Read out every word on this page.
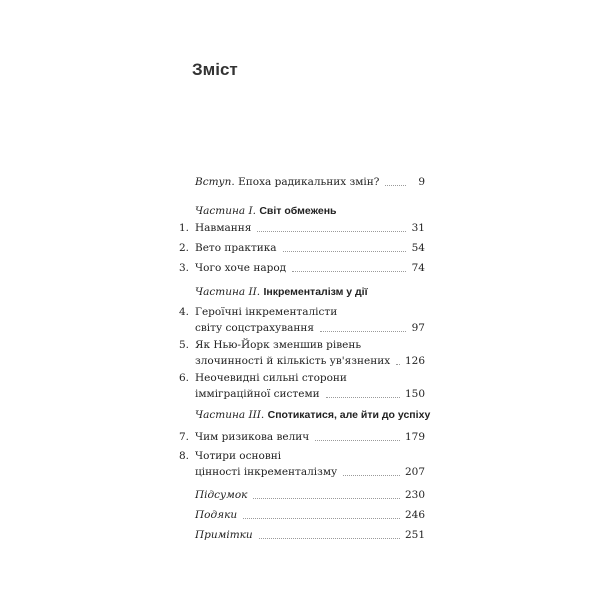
Зміст
Вступ. Епоха радикальних змін?	9
Частина I. Світ обмежень
1. Навмання	31
2. Вето практика	54
3. Чого хоче народ	74
Частина II. Інкременталізм у дії
4. Героїчні інкременталісти
світу соцстрахування	97
5. Як Нью-Йорк зменшив рівень
злочинності й кількість ув'язнених 126
6. Неочевидні сильні сторони
імміграційної системи	150
Частина III. Спотикатися, але йти до успіху
7. Чим ризикова велич	179
8. Чотири основні
цінності інкременталізму	207
Підсумок	230
Подяки	246
Примітки	251
